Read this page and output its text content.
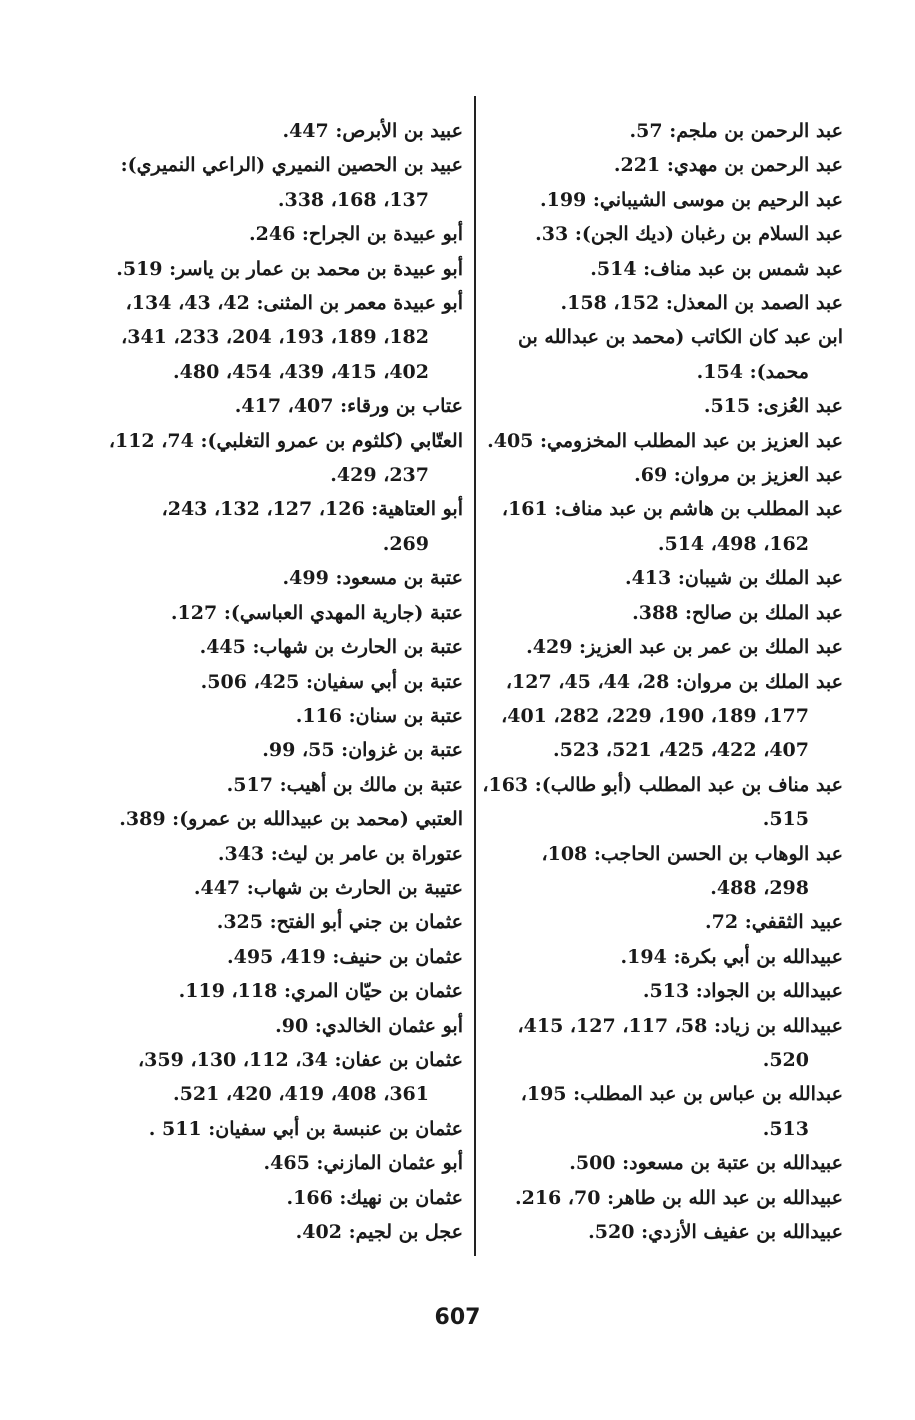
عبد الرحمن بن ملجم: 57.
عبد الرحمن بن مهدي: 221.
عبد الرحيم بن موسى الشيباني: 199.
عبد السلام بن رغبان (ديك الجن): 33.
عبد شمس بن عبد مناف: 514.
عبد الصمد بن المعذل: 152، 158.
ابن عبد كان الكاتب (محمد بن عبدالله بن
محمد): 154.
عبد العُزى: 515.
عبد العزيز بن عبد المطلب المخزومي: 405.
عبد العزيز بن مروان: 69.
عبد المطلب بن هاشم بن عبد مناف: 161،
162، 498، 514.
عبد الملك بن شيبان: 413.
عبد الملك بن صالح: 388.
عبد الملك بن عمر بن عبد العزيز: 429.
عبد الملك بن مروان: 28، 44، 45، 127،
177، 189، 190، 229، 282، 401،
407، 422، 425، 521، 523.
عبد مناف بن عبد المطلب (أبو طالب): 163،
515.
عبد الوهاب بن الحسن الحاجب: 108،
298، 488.
عبيد الثقفي: 72.
عبيدالله بن أبي بكرة: 194.
عبيدالله بن الجواد: 513.
عبيدالله بن زياد: 58، 117، 127، 415،
520.
عبدالله بن عباس بن عبد المطلب: 195،
513.
عبيدالله بن عتبة بن مسعود: 500.
عبيدالله بن عبد الله بن طاهر: 70، 216.
عبيدالله بن عفيف الأزدي: 520.
عبيد بن الأبرص: 447.
عبيد بن الحصين النميري (الراعي النميري):
137، 168، 338.
أبو عبيدة بن الجراح: 246.
أبو عبيدة بن محمد بن عمار بن ياسر: 519.
أبو عبيدة معمر بن المثنى: 42، 43، 134،
182، 189، 193، 204، 233، 341،
402، 415، 439، 454، 480.
عتاب بن ورقاء: 407، 417.
العتّابي (كلثوم بن عمرو التغلبي): 74، 112،
237، 429.
أبو العتاهية: 126، 127، 132، 243،
269.
عتبة بن مسعود: 499.
عتبة (جارية المهدي العباسي): 127.
عتبة بن الحارث بن شهاب: 445.
عتبة بن أبي سفيان: 425، 506.
عتبة بن سنان: 116.
عتبة بن غزوان: 55، 99.
عتبة بن مالك بن أهيب: 517.
العتبي (محمد بن عبيدالله بن عمرو): 389.
عتوراة بن عامر بن ليث: 343.
عتيبة بن الحارث بن شهاب: 447.
عثمان بن جني أبو الفتح: 325.
عثمان بن حنيف: 419، 495.
عثمان بن حيّان المري: 118، 119.
أبو عثمان الخالدي: 90.
عثمان بن عفان: 34، 112، 130، 359،
361، 408، 419، 420، 521.
عثمان بن عنبسة بن أبي سفيان: 511 .
أبو عثمان المازني: 465.
عثمان بن نهيك: 166.
عجل بن لجيم: 402.
607
